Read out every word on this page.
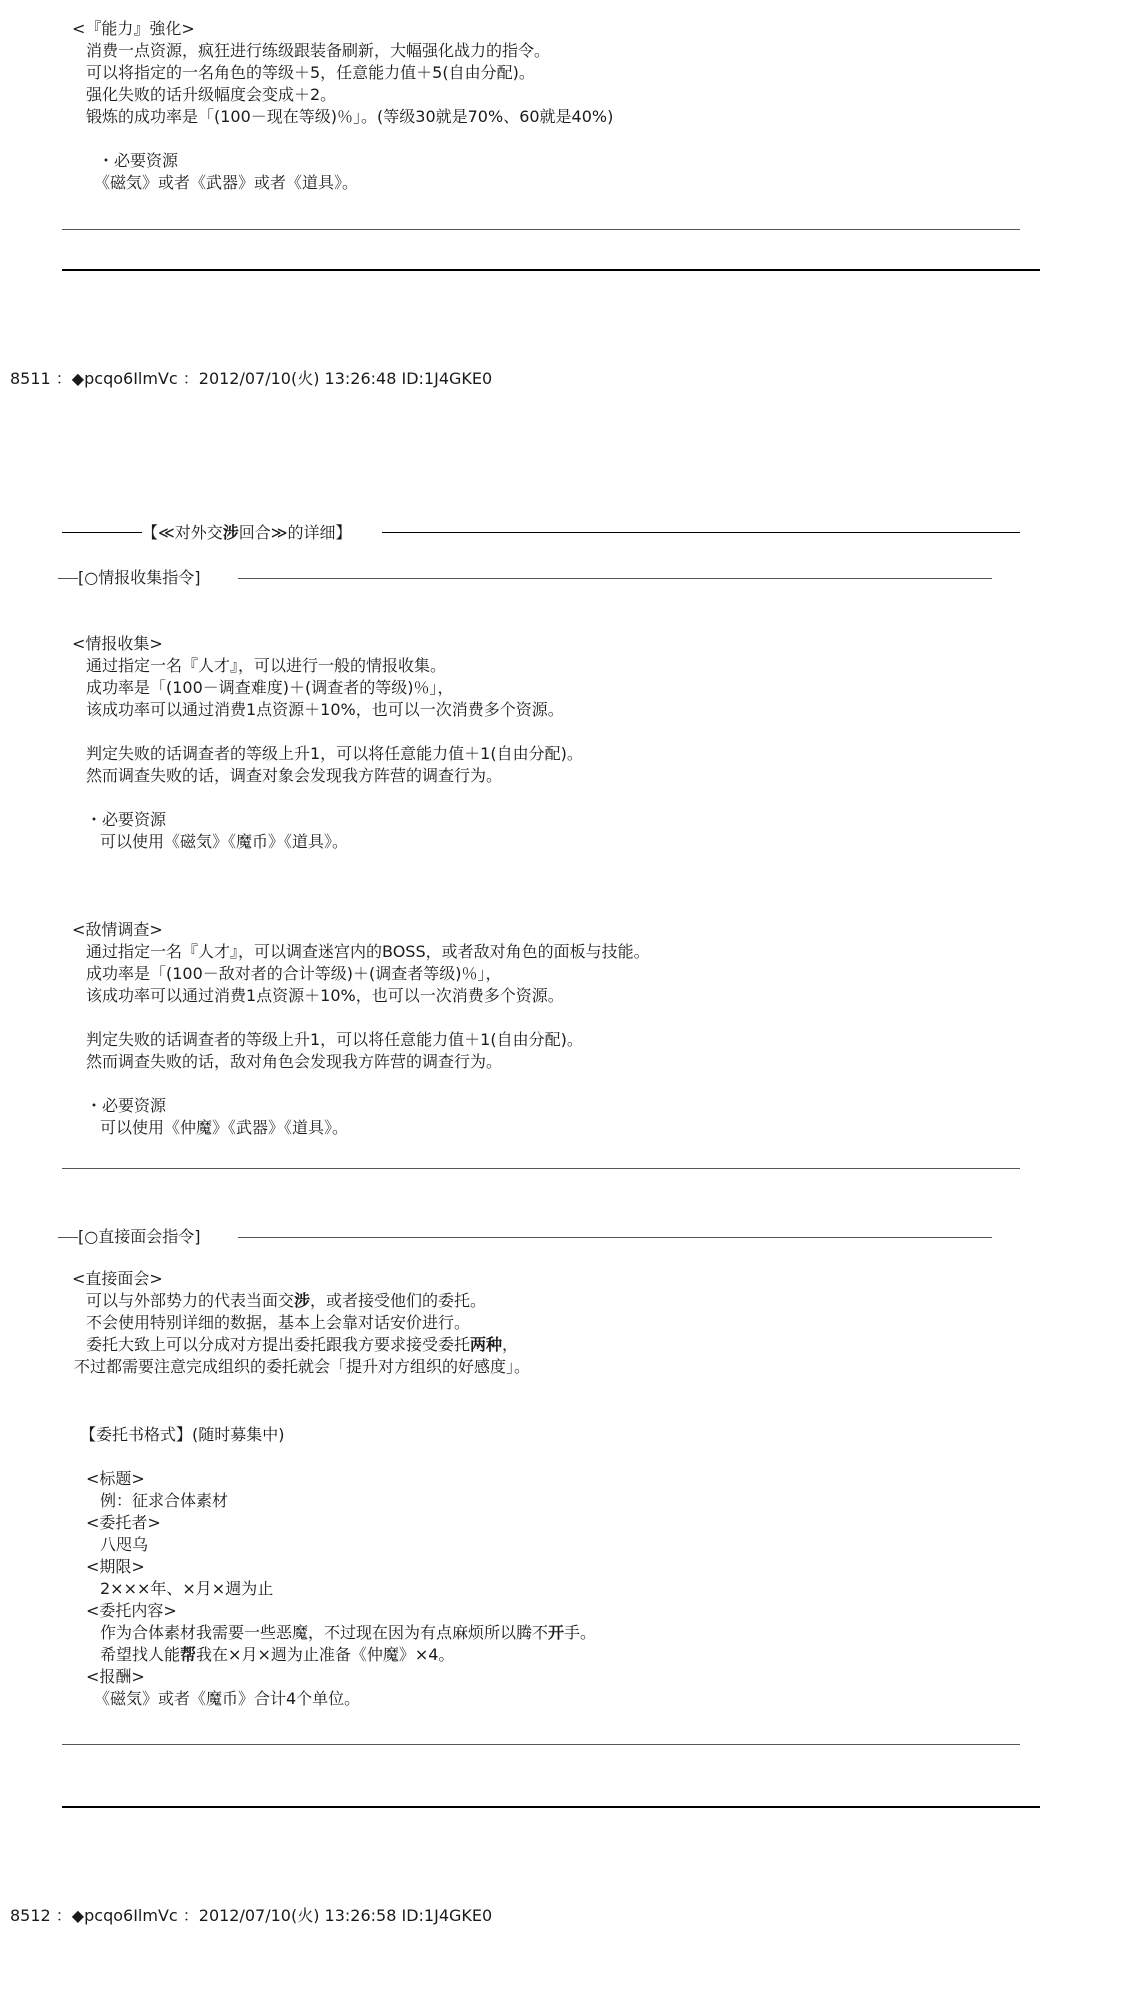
<『能力』強化>
消费一点资源，疯狂进行练级跟装备刷新，大幅强化战力的指令。
可以将指定的一名角色的等级＋5，任意能力值＋5(自由分配)。
强化失败的话升级幅度会变成＋2。
锻炼的成功率是「(100－现在等级)％」。(等级30就是70%、60就是40%)
・必要资源
《磁気》或者《武器》或者《道具》。
8511 ：◆pcqo6IlmVc ：2012/07/10(火) 13:26:48 ID:1J4GKE0
【≪对外交涉回合≫的详细】
[○情报收集指令]
<情报收集>
通过指定一名『人才』，可以进行一般的情报收集。
成功率是「(100－调查难度)＋(调查者的等级)％」，
该成功率可以通过消费1点资源＋10%，也可以一次消费多个资源。
判定失败的话调查者的等级上升1，可以将任意能力值＋1(自由分配)。
然而调查失败的话，调查对象会发现我方阵营的调查行为。
・必要资源
可以使用《磁気》《魔币》《道具》。
<敌情调查>
通过指定一名『人才』，可以调查迷宫内的BOSS，或者敌对角色的面板与技能。
成功率是「(100－敌对者的合计等级)＋(调查者等级)％」，
该成功率可以通过消费1点资源＋10%，也可以一次消费多个资源。
判定失败的话调查者的等级上升1，可以将任意能力值＋1(自由分配)。
然而调查失败的话，敌对角色会发现我方阵营的调查行为。
・必要资源
可以使用《仲魔》《武器》《道具》。
[○直接面会指令]
<直接面会>
可以与外部势力的代表当面交涉，或者接受他们的委托。
不会使用特别详细的数据，基本上会靠对话安价进行。
委托大致上可以分成对方提出委托跟我方要求接受委托两种，
不过都需要注意完成组织的委托就会「提升对方组织的好感度」。
【委托书格式】(随时募集中)
<标题>
例：征求合体素材
<委托者>
八咫乌
<期限>
2×××年、×月×週为止
<委托内容>
作为合体素材我需要一些恶魔，不过现在因为有点麻烦所以腾不开手。
希望找人能帮我在×月×週为止准备《仲魔》×4。
<报酬>
《磁気》或者《魔币》合计4个单位。
8512 ：◆pcqo6IlmVc ：2012/07/10(火) 13:26:58 ID:1J4GKE0
